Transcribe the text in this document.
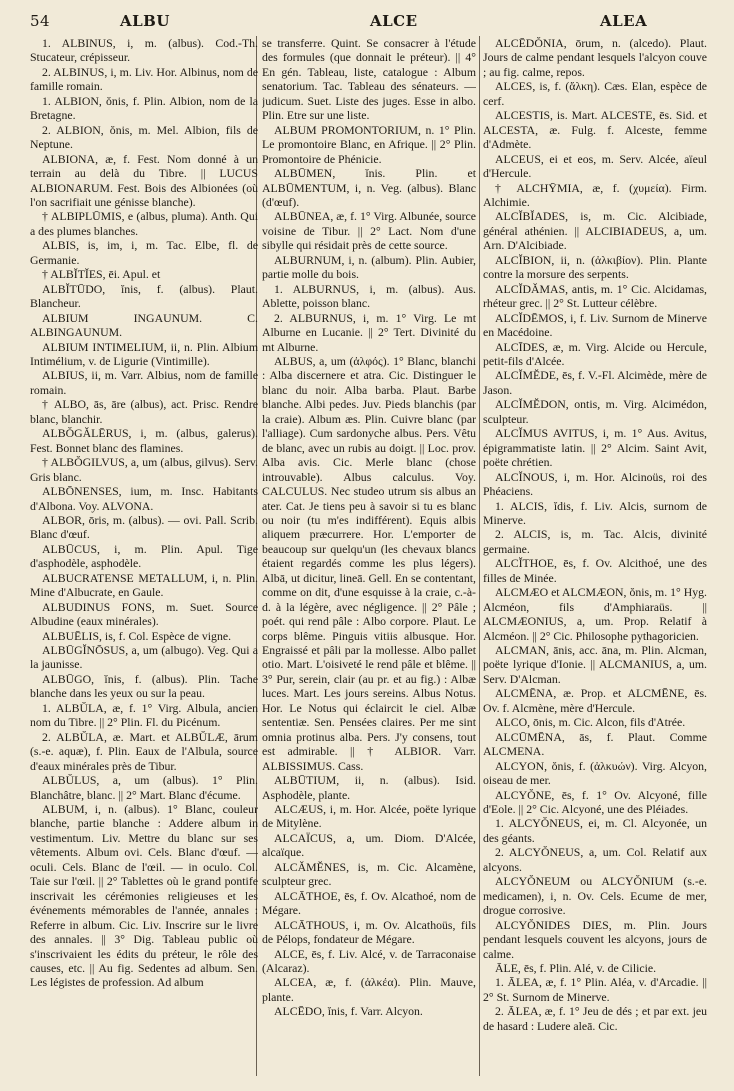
54	ALBU	ALCE	ALEA
1. ALBINUS, i, m. (albus). Cod.-Th. Stucateur, crépisseur.
2. ALBINUS, i, m. Liv. Hor. Albinus, nom de famille romain.
1. ALBION, ŏnis, f. Plin. Albion, nom de la Bretagne.
2. ALBION, ŏnis, m. Mel. Albion, fils de Neptune.
ALBIONA, æ, f. Fest. Nom donné à un terrain au delà du Tibre. || LUCUS ALBIONARUM. Fest. Bois des Albionées (où l'on sacrifiait une génisse blanche).
† ALBIPLŪMIS, e (albus, pluma). Anth. Qui a des plumes blanches.
ALBIS, is, im, i, m. Tac. Elbe, fl. de Germanie.
† ALBĬTĬES, ēi. Apul. et
ALBĬTŪDO, ĭnis, f. (albus). Plaut. Blancheur.
ALBIUM INGAUNUM. C. ALBINGAUNUM.
ALBIUM INTIMELIUM, ii, n. Plin. Albium Intimélium, v. de Ligurie (Vintimille).
ALBIUS, ii, m. Varr. Albius, nom de famille romain.
† ALBO, ās, āre (albus), act. Prisc. Rendre blanc, blanchir.
ALBŎGĂLĒRUS, i, m. (albus, galerus). Fest. Bonnet blanc des flamines.
† ALBŎGILVUS, a, um (albus, gilvus). Serv. Gris blanc.
ALBŌNENSES, ium, m. Insc. Habitants d'Albona. Voy. ALVONA.
ALBOR, ōris, m. (albus). — ovi. Pall. Scrib. Blanc d'œuf.
ALBŪCUS, i, m. Plin. Apul. Tige d'asphodèle, asphodèle.
ALBUCRATENSE METALLUM, i, n. Plin. Mine d'Albucrate, en Gaule.
ALBUDINUS FONS, m. Suet. Source Albudine (eaux minérales).
ALBUĒLIS, is, f. Col. Espèce de vigne.
ALBŪGĬNŌSUS, a, um (albugo). Veg. Qui a la jaunisse.
ALBŪGO, ĭnis, f. (albus). Plin. Tache blanche dans les yeux ou sur la peau.
1. ALBŬLA, æ, f. 1° Virg. Albula, ancien nom du Tibre. || 2° Plin. Fl. du Picénum.
2. ALBŬLA, æ. Mart. et ALBŬLÆ, ārum (s.-e. aquæ), f. Plin. Eaux de l'Albula, source d'eaux minérales près de Tibur.
ALBŬLUS, a, um (albus). 1° Plin. Blanchâtre, blanc. || 2° Mart. Blanc d'écume.
ALBUM, i, n. (albus). 1° Blanc, couleur blanche, partie blanche : Addere album in vestimentum. Liv. Mettre du blanc sur ses vêtements. Album ovi. Cels. Blanc d'œuf. — oculi. Cels. Blanc de l'œil. — in oculo. Col. Taie sur l'œil. || 2° Tablettes où le grand pontife inscrivait les cérémonies religieuses et les événements mémorables de l'année, annales : Referre in album. Cic. Liv. Inscrire sur le livre des annales. || 3° Dig. Tableau public où s'inscrivaient les édits du préteur, le rôle des causes, etc. || Au fig. Sedentes ad album. Sen. Les légistes de profession. Ad album
se transferre. Quint. Se consacrer à l'étude des formules (que donnait le préteur). || 4° En gén. Tableau, liste, catalogue : Album senatorium. Tac. Tableau des sénateurs. — judicum. Suet. Liste des juges. Esse in albo. Plin. Etre sur une liste.
ALBUM PROMONTORIUM, n. 1° Plin. Le promontoire Blanc, en Afrique. || 2° Plin. Promontoire de Phénicie.
ALBŪMEN, ĭnis. Plin. et ALBŪMENTUM, i, n. Veg. (albus). Blanc (d'œuf).
ALBŪNEA, æ, f. 1° Virg. Albunée, source voisine de Tibur. || 2° Lact. Nom d'une sibylle qui résidait près de cette source.
ALBURNUM, i, n. (album). Plin. Aubier, partie molle du bois.
1. ALBURNUS, i, m. (albus). Aus. Ablette, poisson blanc.
2. ALBURNUS, i, m. 1° Virg. Le mt Alburne en Lucanie. || 2° Tert. Divinité du mt Alburne.
ALBUS, a, um (ἀλφός). 1° Blanc, blanchi : Alba discernere et atra. Cic. Distinguer le blanc du noir. Alba barba. Plaut. Barbe blanche. Albi pedes. Juv. Pieds blanchis (par la craie). Album æs. Plin. Cuivre blanc (par l'alliage). Cum sardonyche albus. Pers. Vêtu de blanc, avec un rubis au doigt. || Loc. prov. Alba avis. Cic. Merle blanc (chose introuvable). Albus calculus. Voy. CALCULUS. Nec studeo utrum sis albus an ater. Cat. Je tiens peu à savoir si tu es blanc ou noir (tu m'es indifférent). Equis albis aliquem præcurrere. Hor. L'emporter de beaucoup sur quelqu'un (les chevaux blancs étaient regardés comme les plus légers). Albā, ut dicitur, lineā. Gell. En se contentant, comme on dit, d'une esquisse à la craie, c.-à-d. à la légère, avec négligence. || 2° Pâle ; poét. qui rend pâle : Albo corpore. Plaut. Le corps blême. Pinguis vitiis albusque. Hor. Engraissé et pâli par la mollesse. Albo pallet otio. Mart. L'oisiveté le rend pâle et blême. || 3° Pur, serein, clair (au pr. et au fig.) : Albæ luces. Mart. Les jours sereins. Albus Notus. Hor. Le Notus qui éclaircit le ciel. Albæ sententiæ. Sen. Pensées claires. Per me sint omnia protinus alba. Pers. J'y consens, tout est admirable. || † ALBIOR. Varr. ALBISSIMUS. Cass.
ALBŪTIUM, ii, n. (albus). Isid. Asphodèle, plante.
ALCÆUS, i, m. Hor. Alcée, poëte lyrique de Mitylène.
ALCAÏCUS, a, um. Diom. D'Alcée, alcaïque.
ALCĂMĔNES, is, m. Cic. Alcamène, sculpteur grec.
ALCĀTHOE, ēs, f. Ov. Alcathoé, nom de Mégare.
ALCĀTHOUS, i, m. Ov. Alcathoüs, fils de Pélops, fondateur de Mégare.
ALCE, ēs, f. Liv. Alcé, v. de Tarraconaise (Alcaraz).
ALCEA, æ, f. (ἀλκέα). Plin. Mauve, plante.
ALCĒDO, ĭnis, f. Varr. Alcyon.
ALCĒDŎNIA, ōrum, n. (alcedo). Plaut. Jours de calme pendant lesquels l'alcyon couve ; au fig. calme, repos.
ALCES, is, f. (ἄλκη). Cæs. Elan, espèce de cerf.
ALCESTIS, is. Mart. ALCESTE, ēs. Sid. et ALCESTA, æ. Fulg. f. Alceste, femme d'Admète.
ALCEUS, ei et eos, m. Serv. Alcée, aïeul d'Hercule.
† ALCHȲMIA, æ, f. (χυμεία). Firm. Alchimie.
ALCĬBĬADES, is, m. Cic. Alcibiade, général athénien. || ALCIBIADEUS, a, um. Arn. D'Alcibiade.
ALCĬBION, ii, n. (ἀλκιβίον). Plin. Plante contre la morsure des serpents.
ALCĬDĂMAS, antis, m. 1° Cic. Alcidamas, rhéteur grec. || 2° St. Lutteur célèbre.
ALCĬDĒMOS, i, f. Liv. Surnom de Minerve en Macédoine.
ALCĪDES, æ, m. Virg. Alcide ou Hercule, petit-fils d'Alcée.
ALCĬMĔDE, ēs, f. V.-Fl. Alcimède, mère de Jason.
ALCĬMĔDON, ontis, m. Virg. Alcimédon, sculpteur.
ALCĬMUS AVITUS, i, m. 1° Aus. Avitus, épigrammatiste latin. || 2° Alcim. Saint Avit, poëte chrétien.
ALCĬNOUS, i, m. Hor. Alcinoüs, roi des Phéaciens.
1. ALCIS, ĭdis, f. Liv. Alcis, surnom de Minerve.
2. ALCIS, is, m. Tac. Alcis, divinité germaine.
ALCĬTHOE, ēs, f. Ov. Alcithoé, une des filles de Minée.
ALCMÆO et ALCMÆON, ŏnis, m. 1° Hyg. Alcméon, fils d'Amphiaraüs. || ALCMÆONIUS, a, um. Prop. Relatif à Alcméon. || 2° Cic. Philosophe pythagoricien.
ALCMAN, ānis, acc. āna, m. Plin. Alcman, poëte lyrique d'Ionie. || ALCMANIUS, a, um. Serv. D'Alcman.
ALCMĒNA, æ. Prop. et ALCMĒNE, ēs. Ov. f. Alcmène, mère d'Hercule.
ALCO, ōnis, m. Cic. Alcon, fils d'Atrée.
ALCŪMĒNA, ās, f. Plaut. Comme ALCMENA.
ALCYON, ŏnis, f. (ἀλκυών). Virg. Alcyon, oiseau de mer.
ALCYŎNE, ēs, f. 1° Ov. Alcyoné, fille d'Eole. || 2° Cic. Alcyoné, une des Pléiades.
1. ALCYŎNEUS, ei, m. Cl. Alcyonée, un des géants.
2. ALCYŎNEUS, a, um. Col. Relatif aux alcyons.
ALCYŎNEUM ou ALCYŎNIUM (s.-e. medicamen), i, n. Ov. Cels. Ecume de mer, drogue corrosive.
ALCYŎNIDES DIES, m. Plin. Jours pendant lesquels couvent les alcyons, jours de calme.
ĀLE, ēs, f. Plin. Alé, v. de Cilicie.
1. ĀLEA, æ, f. 1° Plin. Aléa, v. d'Arcadie. || 2° St. Surnom de Minerve.
2. ĀLEA, æ, f. 1° Jeu de dés ; et par ext. jeu de hasard : Ludere aleā. Cic.
